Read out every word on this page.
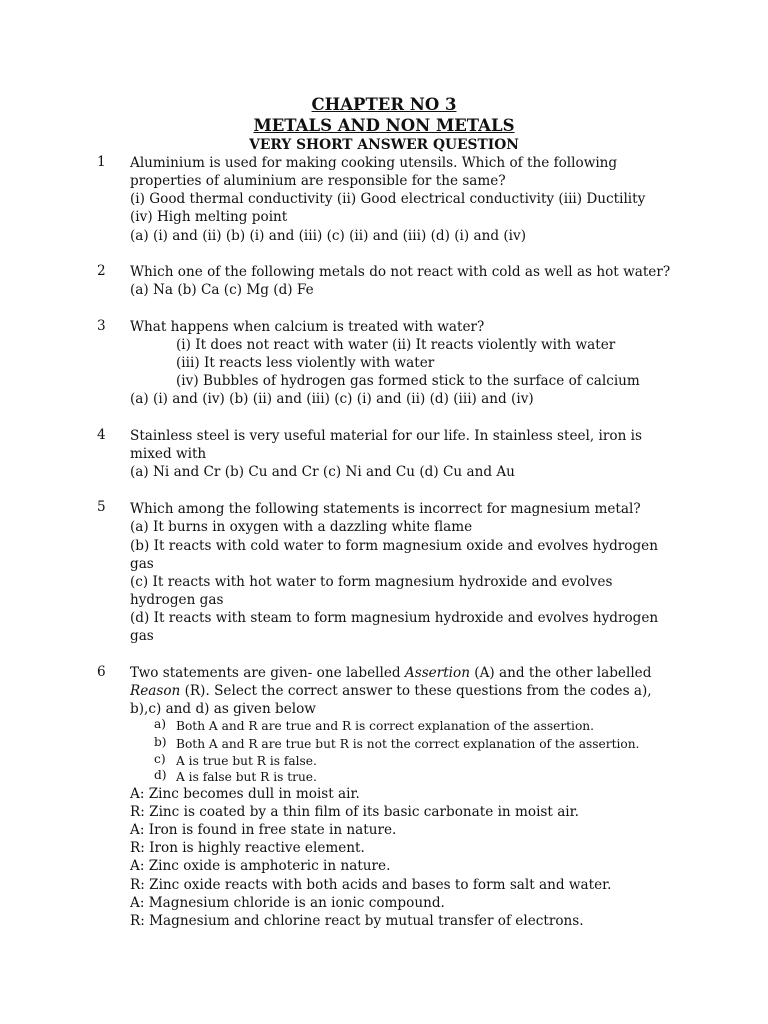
CHAPTER NO 3
METALS AND NON METALS
VERY SHORT ANSWER QUESTION
1 Aluminium is used for making cooking utensils. Which of the following
properties of aluminium are responsible for the same?
(i) Good thermal conductivity (ii) Good electrical conductivity (iii) Ductility
(iv) High melting point
(a) (i) and (ii) (b) (i) and (iii) (c) (ii) and (iii) (d) (i) and (iv)
2 Which one of the following metals do not react with cold as well as hot water?
(a) Na (b) Ca (c) Mg (d) Fe
3 What happens when calcium is treated with water?
(i) It does not react with water (ii) It reacts violently with water
(iii) It reacts less violently with water
(iv) Bubbles of hydrogen gas formed stick to the surface of calcium
(a) (i) and (iv) (b) (ii) and (iii) (c) (i) and (ii) (d) (iii) and (iv)
4 Stainless steel is very useful material for our life. In stainless steel, iron is
mixed with
(a) Ni and Cr (b) Cu and Cr (c) Ni and Cu (d) Cu and Au
5 Which among the following statements is incorrect for magnesium metal?
(a) It burns in oxygen with a dazzling white flame
(b) It reacts with cold water to form magnesium oxide and evolves hydrogen
gas
(c) It reacts with hot water to form magnesium hydroxide and evolves
hydrogen gas
(d) It reacts with steam to form magnesium hydroxide and evolves hydrogen
gas
6 Two statements are given- one labelled Assertion (A) and the other labelled
Reason (R). Select the correct answer to these questions from the codes a),
b),c) and d) as given below
a) Both A and R are true and R is correct explanation of the assertion.
b) Both A and R are true but R is not the correct explanation of the assertion.
c) A is true but R is false.
d) A is false but R is true.
A: Zinc becomes dull in moist air.
R: Zinc is coated by a thin film of its basic carbonate in moist air.
A: Iron is found in free state in nature.
R: Iron is highly reactive element.
A: Zinc oxide is amphoteric in nature.
R: Zinc oxide reacts with both acids and bases to form salt and water.
A: Magnesium chloride is an ionic compound.
R: Magnesium and chlorine react by mutual transfer of electrons.
